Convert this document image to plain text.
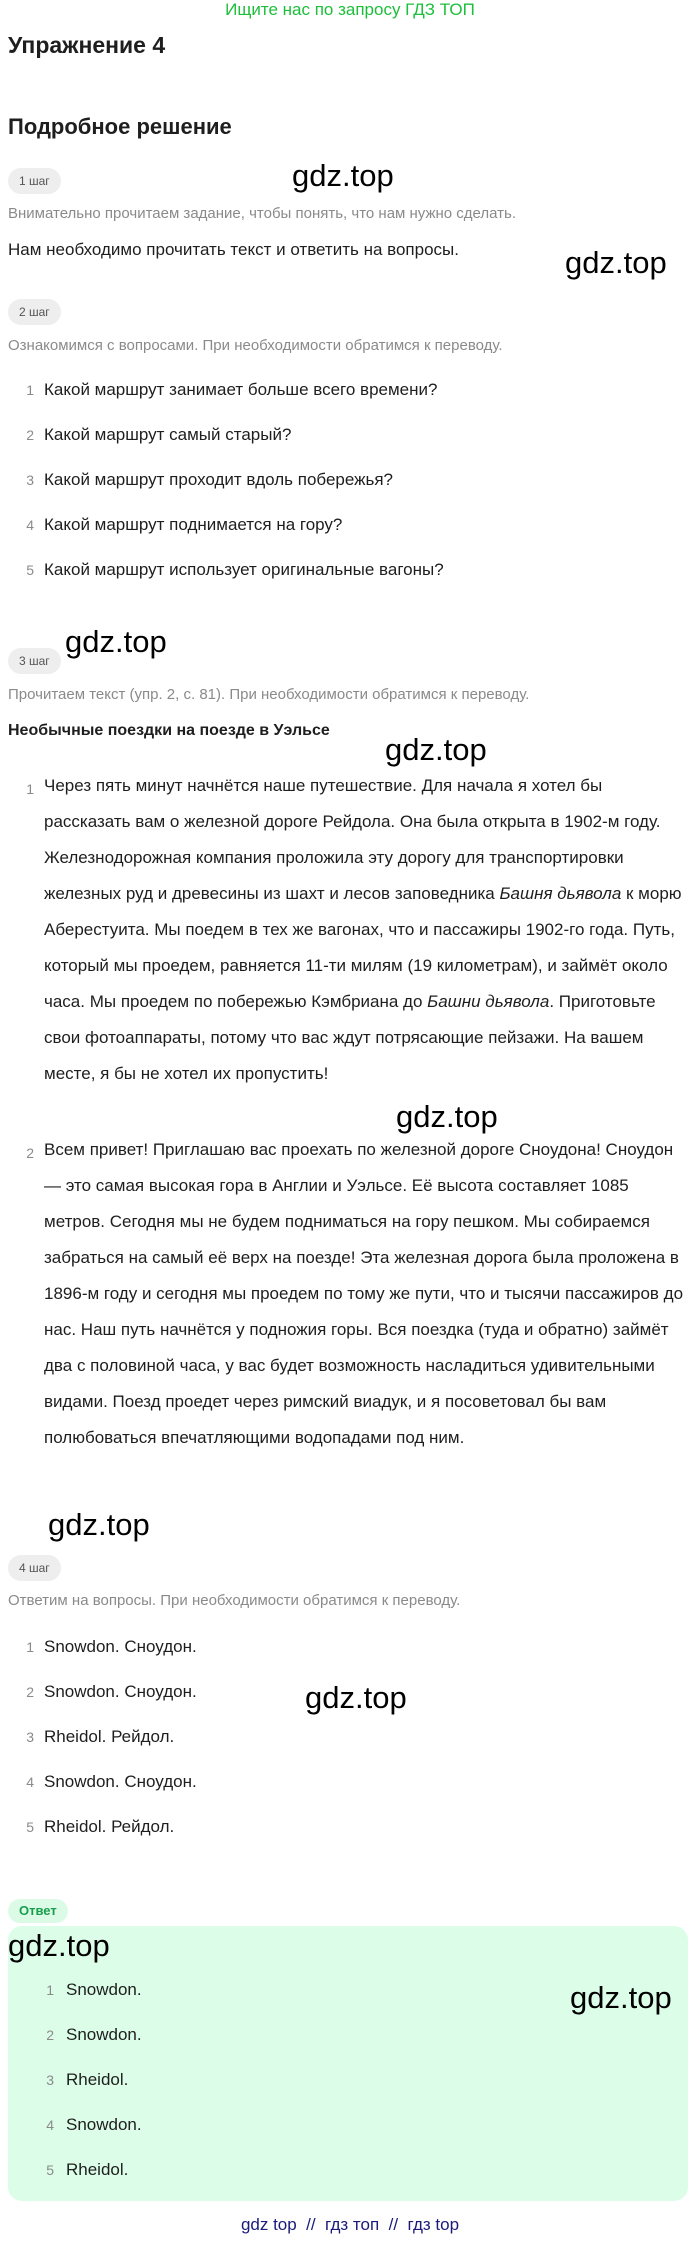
Ищите нас по запросу ГДЗ ТОП
Упражнение 4
Подробное решение
1 шаг	gdz.top
Внимательно прочитаем задание, чтобы понять, что нам нужно сделать.
Нам необходимо прочитать текст и ответить на вопросы.	gdz.top
2 шаг
Ознакомимся с вопросами. При необходимости обратимся к переводу.
1 Какой маршрут занимает больше всего времени?
2 Какой маршрут самый старый?
3 Какой маршрут проходит вдоль побережья?
4 Какой маршрут поднимается на гору?
5 Какой маршрут использует оригинальные вагоны?
gdz.top
3 шаг
Прочитаем текст (упр. 2, с. 81). При необходимости обратимся к переводу.
Необычные поездки на поезде в Уэльсе
gdz.top
1 Через пять минут начнётся наше путешествие. Для начала я хотел бы рассказать вам о железной дороге Рейдола. Она была открыта в 1902-м году. Железнодорожная компания проложила эту дорогу для транспортировки железных руд и древесины из шахт и лесов заповедника Башня дьявола к морю Аберестуита. Мы поедем в тех же вагонах, что и пассажиры 1902-го года. Путь, который мы проедем, равняется 11-ти милям (19 километрам), и займёт около часа. Мы проедем по побережью Кэмбриана до Башни дьявола. Приготовьте свои фотоаппараты, потому что вас ждут потрясающие пейзажи. На вашем месте, я бы не хотел их пропустить!
gdz.top
2 Всем привет! Приглашаю вас проехать по железной дороге Сноудона! Сноудон — это самая высокая гора в Англии и Уэльсе. Её высота составляет 1085 метров. Сегодня мы не будем подниматься на гору пешком. Мы собираемся забраться на самый её верх на поезде! Эта железная дорога была проложена в 1896-м году и сегодня мы проедем по тому же пути, что и тысячи пассажиров до нас. Наш путь начнётся у подножия горы. Вся поездка (туда и обратно) займёт два с половиной часа, у вас будет возможность насладиться удивительными видами. Поезд проедет через римский виадук, и я посоветовал бы вам полюбоваться впечатляющими водопадами под ним.
gdz.top
4 шаг
Ответим на вопросы. При необходимости обратимся к переводу.
1 Snowdon. Сноудон.
2 Snowdon. Сноудон.
3 Rheidol. Рейдол.
4 Snowdon. Сноудон.
5 Rheidol. Рейдол.
gdz.top
Ответ
gdz.top
gdz.top
1 Snowdon.
2 Snowdon.
3 Rheidol.
4 Snowdon.
5 Rheidol.
gdz top  //  гдз топ  //  гдз top
